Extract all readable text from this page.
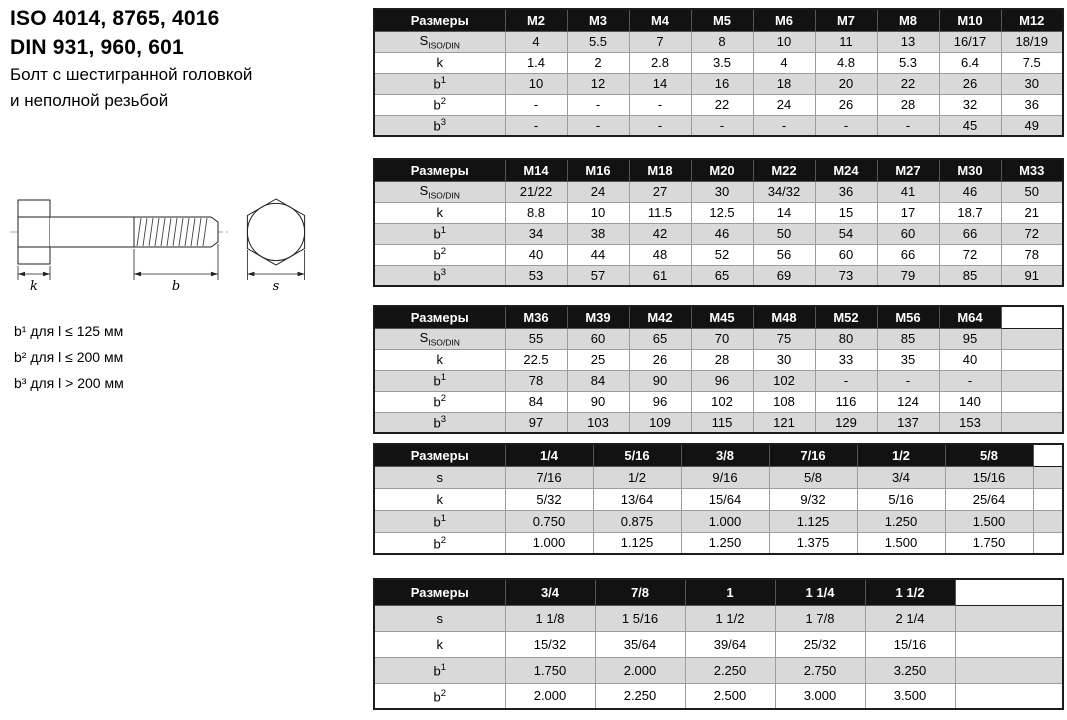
ISO 4014, 8765, 4016
DIN 931, 960, 601
Болт с шестигранной головкой
и неполной резьбой
k	b	s
b¹ для l ≤ 125 мм
b² для l ≤ 200 мм
b³ для l > 200 мм
Размеры	M2	M3	M4	M5	M6	M7	M8	M10	M12
$S_{ISO/DIN}$	4	5.5	7	8	10	11	13	16/17	18/19
k	1.4	2	2.8	3.5	4	4.8	5.3	6.4	7.5
$b^1$	10	12	14	16	18	20	22	26	30
$b^2$	-	-	-	22	24	26	28	32	36
$b^3$	-	-	-	-	-	-	-	45	49
Размеры	M14	M16	M18	M20	M22	M24	M27	M30	M33
$S_{ISO/DIN}$	21/22	24	27	30	34/32	36	41	46	50
k	8.8	10	11.5	12.5	14	15	17	18.7	21
$b^1$	34	38	42	46	50	54	60	66	72
$b^2$	40	44	48	52	56	60	66	72	78
$b^3$	53	57	61	65	69	73	79	85	91
Размеры	M36	M39	M42	M45	M48	M52	M56	M64	
$S_{ISO/DIN}$	55	60	65	70	75	80	85	95	
k	22.5	25	26	28	30	33	35	40	
$b^1$	78	84	90	96	102	-	-	-	
$b^2$	84	90	96	102	108	116	124	140	
$b^3$	97	103	109	115	121	129	137	153	
Размеры	1/4	5/16	3/8	7/16	1/2	5/8	
s	7/16	1/2	9/16	5/8	3/4	15/16	
k	5/32	13/64	15/64	9/32	5/16	25/64	
$b^1$	0.750	0.875	1.000	1.125	1.250	1.500	
$b^2$	1.000	1.125	1.250	1.375	1.500	1.750	
Размеры	3/4	7/8	1	1 1/4	1 1/2	
s	1 1/8	1 5/16	1 1/2	1 7/8	2 1/4	
k	15/32	35/64	39/64	25/32	15/16	
$b^1$	1.750	2.000	2.250	2.750	3.250	
$b^2$	2.000	2.250	2.500	3.000	3.500	
